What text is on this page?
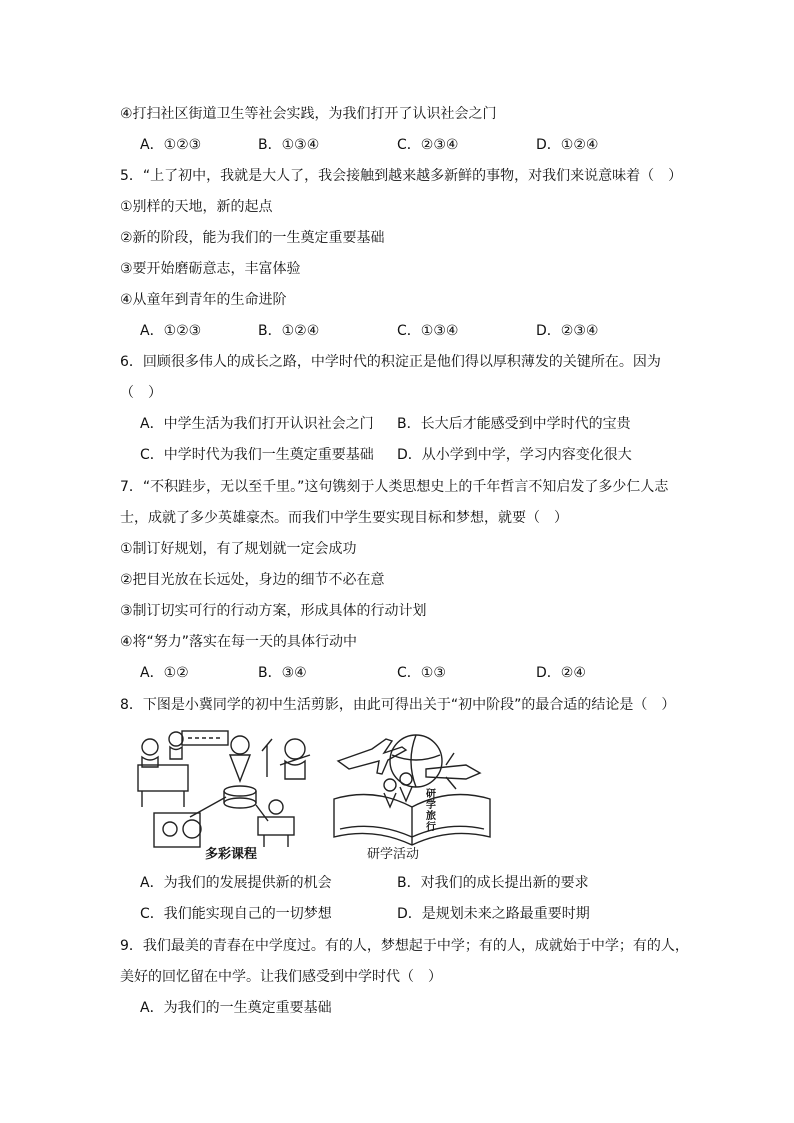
④打扫社区街道卫生等社会实践，为我们打开了认识社会之门
A．①②③	B．①③④	C．②③④	D．①②④
5．“上了初中，我就是大人了，我会接触到越来越多新鲜的事物，对我们来说意味着（　）
①别样的天地，新的起点
②新的阶段，能为我们的一生奠定重要基础
③要开始磨砺意志，丰富体验
④从童年到青年的生命进阶
A．①②③	B．①②④	C．①③④	D．②③④
6．回顾很多伟人的成长之路，中学时代的积淀正是他们得以厚积薄发的关键所在。因为
（　）
A．中学生活为我们打开认识社会之门 B．长大后才能感受到中学时代的宝贵
C．中学时代为我们一生奠定重要基础 D．从小学到中学，学习内容变化很大
7．“不积跬步，无以至千里。”这句镌刻于人类思想史上的千年哲言不知启发了多少仁人志
士，成就了多少英雄豪杰。而我们中学生要实现目标和梦想，就要（　）
①制订好规划，有了规划就一定会成功
②把目光放在长远处，身边的细节不必在意
③制订切实可行的行动方案，形成具体的行动计划
④将“努力”落实在每一天的具体行动中
A．①②	B．③④	C．①③	D．②④
8．下图是小冀同学的初中生活剪影，由此可得出关于“初中阶段”的最合适的结论是（　）
多彩课程
研学旅行
研学活动
A．为我们的发展提供新的机会	B．对我们的成长提出新的要求
C．我们能实现自己的一切梦想	D．是规划未来之路最重要时期
9．我们最美的青春在中学度过。有的人，梦想起于中学；有的人，成就始于中学；有的人，
美好的回忆留在中学。让我们感受到中学时代（　）
A．为我们的一生奠定重要基础
